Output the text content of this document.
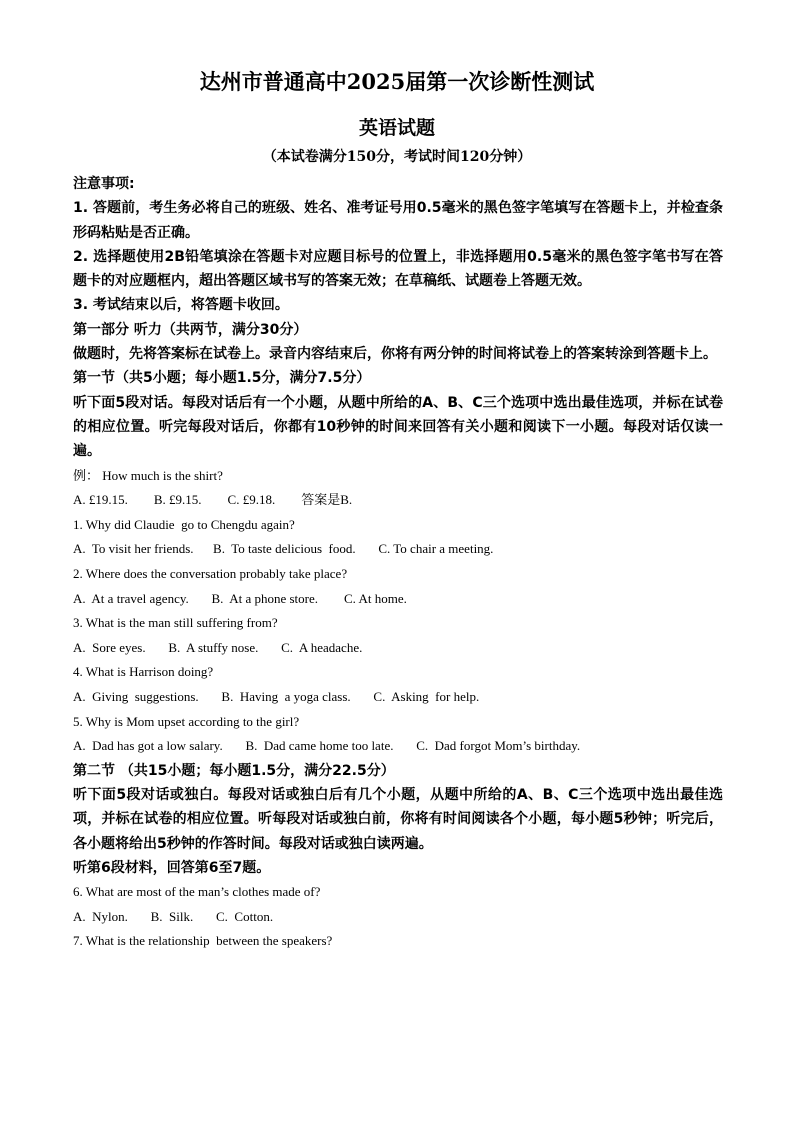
达州市普通高中2025届第一次诊断性测试
英语试题
（本试卷满分150分，考试时间120分钟）

注意事项:

1. 答题前，考生务必将自己的班级、姓名、准考证号用0.5毫米的黑色签字笔填写在答题卡上，并检查条形码粘贴是否正确。

2. 选择题使用2B铅笔填涂在答题卡对应题目标号的位置上，非选择题用0.5毫米的黑色签字笔书写在答题卡的对应题框内，超出答题区域书写的答案无效；在草稿纸、试题卷上答题无效。

3. 考试结束以后，将答题卡收回。

第一部分 听力（共两节，满分30分）

做题时，先将答案标在试卷上。录音内容结束后，你将有两分钟的时间将试卷上的答案转涂到答题卡上。

第一节（共5小题；每小题1.5分，满分7.5分）

听下面5段对话。每段对话后有一个小题，从题中所给的A、B、C三个选项中选出最佳选项，并标在试卷的相应位置。听完每段对话后，你都有10秒钟的时间来回答有关小题和阅读下一小题。每段对话仅读一遍。

例： How much is the shirt?

A. £19.15.        B. £9.15.        C. £9.18.        答案是B.

1. Why did Claudie  go to Chengdu again?

A.  To visit her friends.      B.  To taste delicious  food.       C. To chair a meeting.

2. Where does the conversation probably take place?

A.  At a travel agency.       B.  At a phone store.        C. At home.

3. What is the man still suffering from?

A.  Sore eyes.       B.  A stuffy nose.       C.  A headache.

4. What is Harrison doing?

A.  Giving  suggestions.       B.  Having  a yoga class.       C.  Asking  for help.

5. Why is Mom upset according to the girl?

A.  Dad has got a low salary.       B.  Dad came home too late.       C.  Dad forgot Mom’s birthday.

第二节 （共15小题；每小题1.5分，满分22.5分）

听下面5段对话或独白。每段对话或独白后有几个小题，从题中所给的A、B、C三个选项中选出最佳选项，并标在试卷的相应位置。听每段对话或独白前，你将有时间阅读各个小题，每小题5秒钟；听完后，各小题将给出5秒钟的作答时间。每段对话或独白读两遍。

听第6段材料，回答第6至7题。

6. What are most of the man’s clothes made of?

A.  Nylon.       B.  Silk.       C.  Cotton.

7. What is the relationship  between the speakers?
